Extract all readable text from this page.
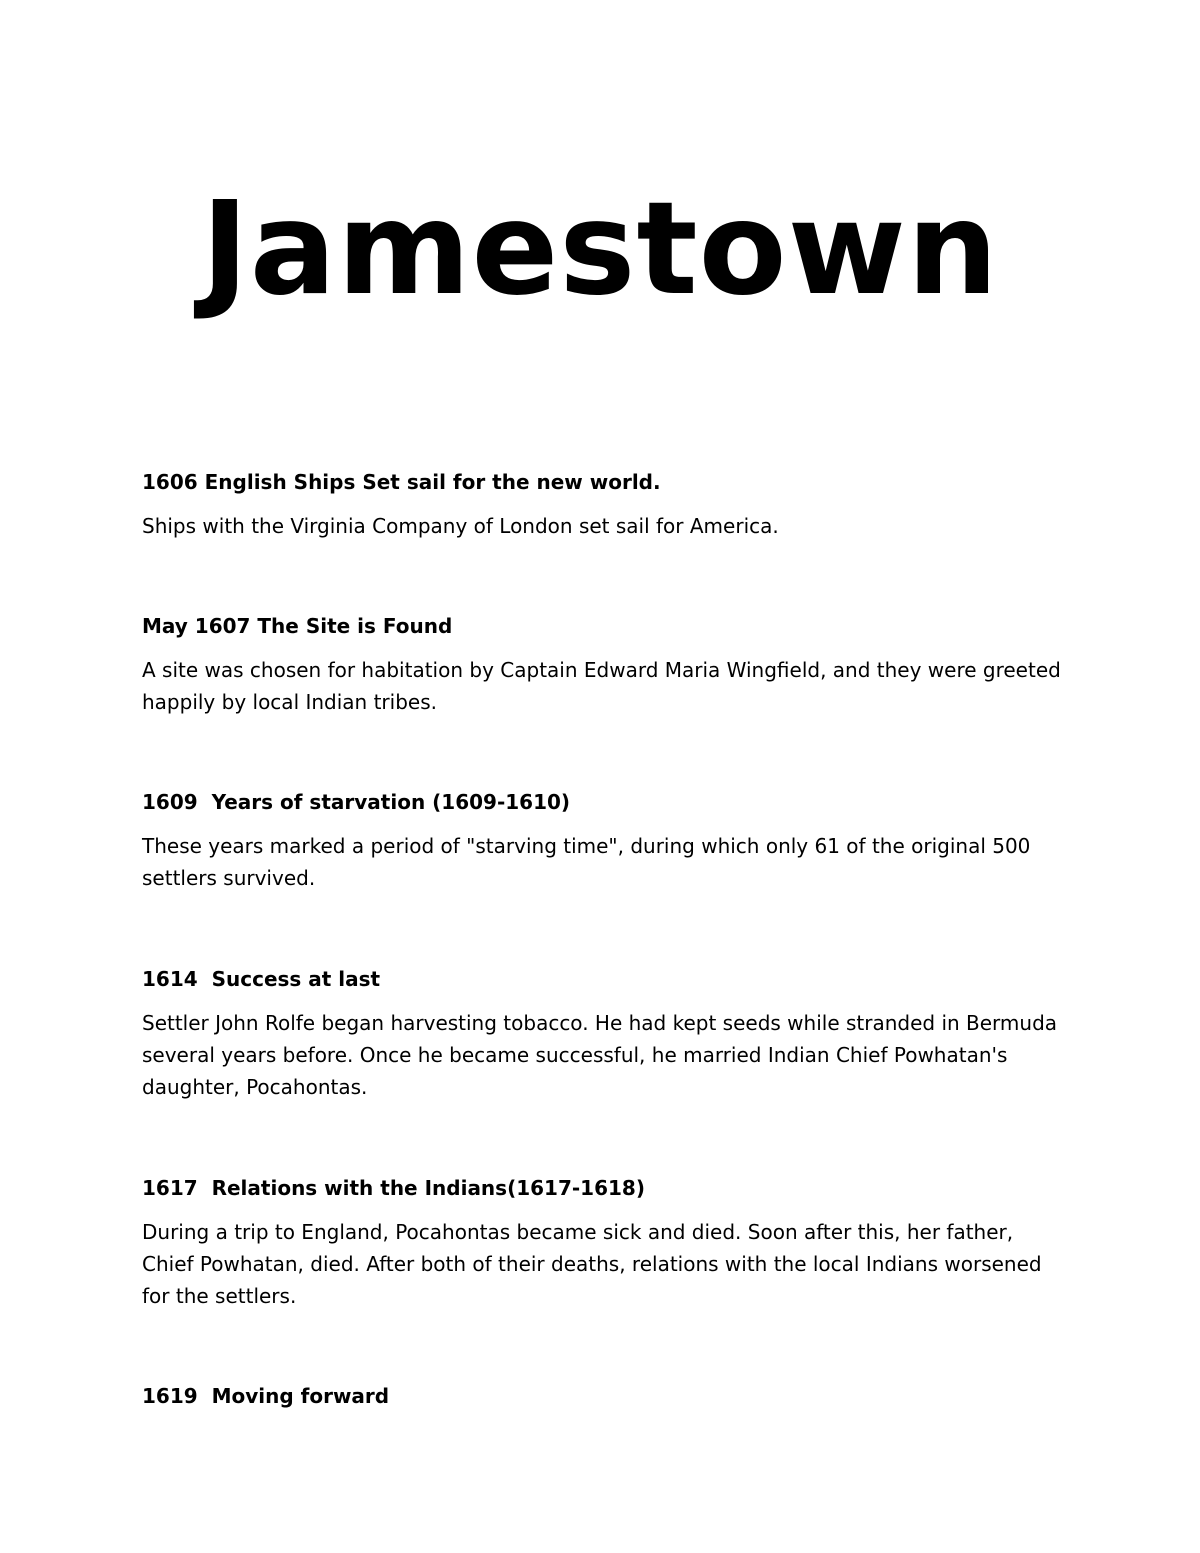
Jamestown

1606 English Ships Set sail for the new world.

Ships with the Virginia Company of London set sail for America.

May 1607 The Site is Found

A site was chosen for habitation by Captain Edward Maria Wingfield, and they were greeted happily by local Indian tribes.

1609  Years of starvation (1609-1610)

These years marked a period of "starving time", during which only 61 of the original 500 settlers survived.

1614  Success at last

Settler John Rolfe began harvesting tobacco. He had kept seeds while stranded in Bermuda several years before. Once he became successful, he married Indian Chief Powhatan's daughter, Pocahontas.

1617  Relations with the Indians(1617-1618)

During a trip to England, Pocahontas became sick and died. Soon after this, her father, Chief Powhatan, died. After both of their deaths, relations with the local Indians worsened for the settlers.

1619  Moving forward
